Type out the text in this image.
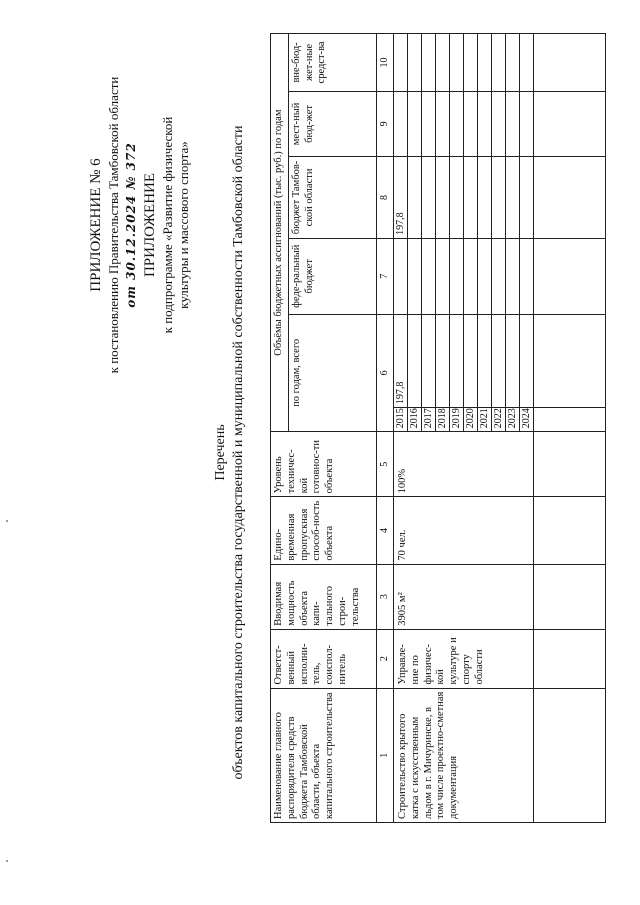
ПРИЛОЖЕНИЕ № 6 к постановлению Правительства Тамбовской области от 30.12.2024 № 372 ПРИЛОЖЕНИЕ к подпрограмме «Развитие физической культуры и массового спорта»
Перечень объектов капитального строительства государственной и муниципальной собственности Тамбовской области	Наименование главного распорядителя средств бюджета Тамбовской области, объекта капитального строительства	Ответст-венный исполни-тель, соиспол-нитель	Вводимая мощность объекта капи-тального строи-тельства	Едино-временная пропускная способ-ность объекта	Уровень техничес-кой готовнос-ти объекта	Объёмы бюджетных ассигнований (тыс. руб.) по годам					
					по годам, всего		феде-ральный бюджет	бюджет Тамбов-ской области	мест-ный бюд-жет	вне-бюд-жет-ные средст-ва
1	2	3	4	5	6		7	8	9	10
Строительство крытого катка с искусственным льдом в г. Мичуринске, в том числе проектно-сметная документация	Управле-ние по физичес-кой культуре и спорту области	3905 м²	70 чел.	100%	2015	197,8		197,8		
					2016					
					2017					
					2018					
					2019					
					2020					
					2021					
					2022					
					2023					
					2024					
